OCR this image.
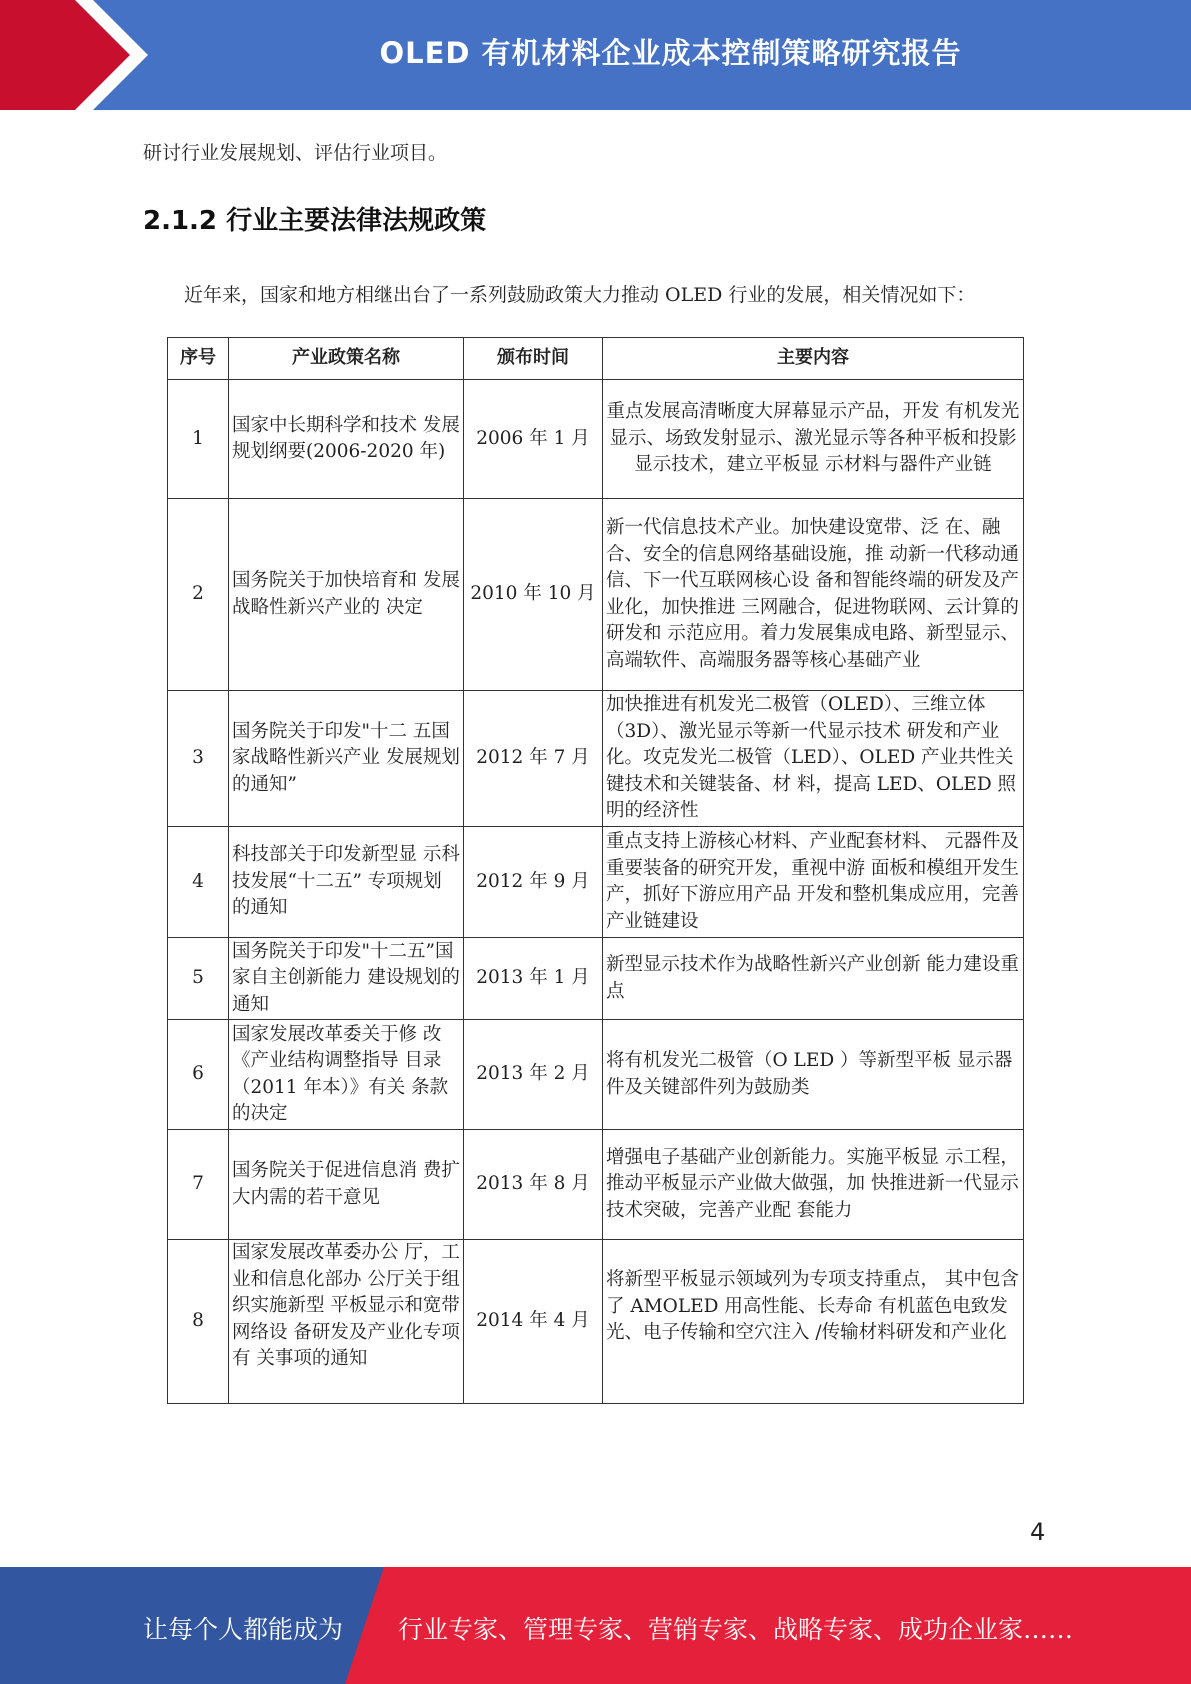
OLED 有机材料企业成本控制策略研究报告
研讨行业发展规划、评估行业项目。
2.1.2 行业主要法律法规政策
近年来，国家和地方相继出台了一系列鼓励政策大力推动 OLED 行业的发展，相关情况如下：
序号	产业政策名称	颁布时间	主要内容
1	国家中长期科学和技术 发展规划纲要(2006-2020 年)	2006 年 1 月	重点发展高清晰度大屏幕显示产品，开发 有机发光显示、场致发射显示、激光显示等各种平板和投影显示技术，建立平板显 示材料与器件产业链
2	国务院关于加快培育和 发展战略性新兴产业的 决定	2010 年 10 月	新一代信息技术产业。加快建设宽带、泛 在、融合、安全的信息网络基础设施，推 动新一代移动通信、下一代互联网核心设 备和智能终端的研发及产业化，加快推进 三网融合，促进物联网、云计算的研发和 示范应用。着力发展集成电路、新型显示、 高端软件、高端服务器等核心基础产业
3	国务院关于印发"十二 五国家战略性新兴产业 发展规划的通知”	2012 年 7 月	加快推进有机发光二极管（OLED）、三维立体（3D）、激光显示等新一代显示技术 研发和产业化。攻克发光二极管（LED）、OLED 产业共性关键技术和关键装备、材 料，提高 LED、OLED 照明的经济性
4	科技部关于印发新型显 示科技发展“十二五” 专项规划的通知	2012 年 9 月	重点支持上游核心材料、产业配套材料、 元器件及重要装备的研究开发，重视中游 面板和模组开发生产，抓好下游应用产品 开发和整机集成应用，完善产业链建设
5	国务院关于印发"十二五”国家自主创新能力 建设规划的通知	2013 年 1 月	新型显示技术作为战略性新兴产业创新 能力建设重点
6	国家发展改革委关于修 改《产业结构调整指导 目录（2011 年本）》有关 条款的决定	2013 年 2 月	将有机发光二极管（O LED ）等新型平板 显示器件及关键部件列为鼓励类
7	国务院关于促进信息消 费扩大内需的若干意见	2013 年 8 月	增强电子基础产业创新能力。实施平板显 示工程，推动平板显示产业做大做强，加 快推进新一代显示技术突破，完善产业配 套能力
8	国家发展改革委办公 厅，工业和信息化部办 公厅关于组织实施新型 平板显示和宽带网络设 备研发及产业化专项有 关事项的通知	2014 年 4 月	将新型平板显示领域列为专项支持重点， 其中包含了 AMOLED 用高性能、长寿命 有机蓝色电致发光、电子传输和空穴注入 /传输材料研发和产业化
4
让每个人都能成为 行业专家、管理专家、营销专家、战略专家、成功企业家……
